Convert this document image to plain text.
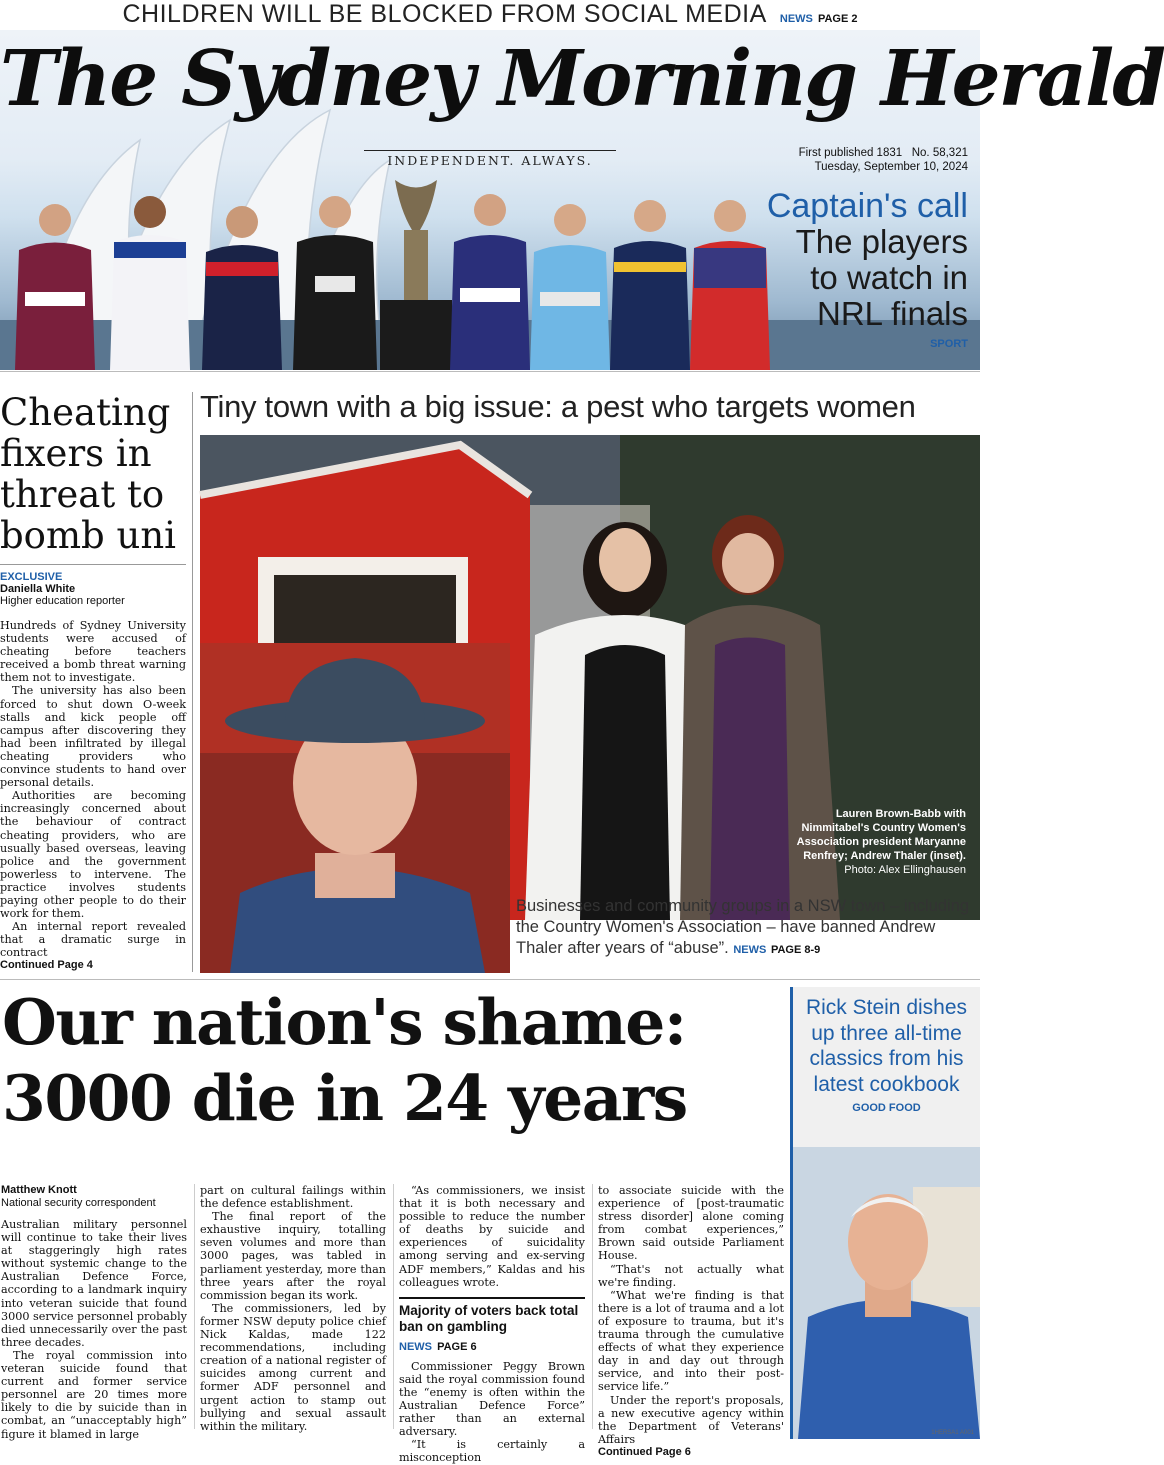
CHILDREN WILL BE BLOCKED FROM SOCIAL MEDIA NEWS PAGE 2
The Sydney Morning Herald
INDEPENDENT. ALWAYS.	First published 1831 No. 58,321
Tuesday, September 10, 2024
Captain's call
The players
to watch in
NRL finals
SPORT
Cheating
fixers in
threat to
bomb uni
EXCLUSIVE
Daniella White
Higher education reporter

Hundreds of Sydney University students were accused of cheating before teachers received a bomb threat warning them not to investigate.

The university has also been forced to shut down O-week stalls and kick people off campus after discovering they had been infiltrated by illegal cheating providers who convince students to hand over personal details.

Authorities are becoming increasingly concerned about the behaviour of contract cheating providers, who are usually based overseas, leaving police and the government powerless to intervene. The practice involves students paying other people to do their work for them.

An internal report revealed that a dramatic surge in contract

Continued Page 4
Tiny town with a big issue: a pest who targets women
Lauren Brown-Babb with Nimmitabel's Country Women's Association president Maryanne Renfrey; Andrew Thaler (inset).
Photo: Alex Ellinghausen
Businesses and community groups in a NSW town – including the Country Women's Association – have banned Andrew Thaler after years of “abuse”. NEWS PAGE 8-9
Our nation's shame:
3000 die in 24 years
Rick Stein dishes up three all-time classics from his latest cookbook
GOOD FOOD
Matthew Knott
National security correspondent

Australian military personnel will continue to take their lives at staggeringly high rates without systemic change to the Australian Defence Force, according to a landmark inquiry into veteran suicide that found 3000 service personnel probably died unnecessarily over the past three decades.

The royal commission into veteran suicide found that current and former service personnel are 20 times more likely to die by suicide than in combat, an “unacceptably high” figure it blamed in large

part on cultural failings within the defence establishment.

The final report of the exhaustive inquiry, totalling seven volumes and more than 3000 pages, was tabled in parliament yesterday, more than three years after the royal commission began its work.

The commissioners, led by former NSW deputy police chief Nick Kaldas, made 122 recommendations, including creation of a national register of suicides among current and former ADF personnel and urgent action to stamp out bullying and sexual assault within the military.

“As commissioners, we insist that it is both necessary and possible to reduce the number of deaths by suicide and experiences of suicidality among serving and ex-serving ADF members,” Kaldas and his colleagues wrote.

Majority of voters back total ban on gambling
NEWS PAGE 6

Commissioner Peggy Brown said the royal commission found the “enemy is often within the Australian Defence Force” rather than an external adversary.

“It is certainly a misconception

to associate suicide with the experience of [post-traumatic stress disorder] alone coming from combat experiences,” Brown said outside Parliament House.

“That's not actually what we're finding.

“What we're finding is that there is a lot of trauma and a lot of exposure to trauma, but it's trauma through the cumulative effects of what they experience day in and day out through service, and into their post-service life.”

Under the report's proposals, a new executive agency within the Department of Veterans' Affairs

Continued Page 6
1HERSA1 A001
